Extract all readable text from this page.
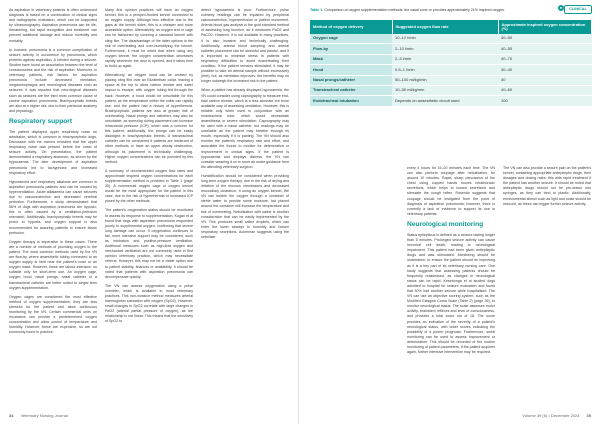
As aspiration in veterinary patients is often underused diagnosis is based on a combination of clinical signs and radiographic evaluation, which can be supported by ultrasonography. Aspiration pneumonia can be life-threatening, but rapid recognition and treatment can prevent additional damage and reduce morbidity and mortality.

In humans, pneumonia is a common complication of seizure activity, in occurrence by pneumonia, which protects against aspiration. A stricted during a seizure. Studies have found an association between the level of consciousness and the risk of aspiration. Moreover, in veterinary patients, risk factors for aspiration pneumonia include decreased mentation, megaoesophagus and neurological diseases such as seizures. It was reported that neurological diseases such as seizures are the third most common cause of canine aspiration pneumonia. Brachycephalic breeds are also at a higher risk, due to their particular anatomy and physiology.

Respiratory support

The patient displayed upper respiratory noise on admission, which is common in brachycephalic dogs. Discussion with the owners revealed that the upper respiratory noise was present before the onset of seizure activity. On presentation, the patient demonstrated a respiratory abdomen, as shown by the hypoxaemia. The later development of aspiration pneumonia led to tachypnoea and increased respiratory effort.

Hypoxaemia and respiratory alkalosis are common in aspiration pneumonia patients and can be caused by hyperventilation. Acute alkalaemia can cause seizures due to vasoconstriction and decreased cerebral perfusion. Furthermore, a study demonstrated that 56% of dogs with aspiration pneumonia are hypoxic; this is often caused by a ventilation-perfusion mismatch. Additionally, brachycephalic breeds may be prone to hypoxia, and oxygen support is also recommended for assuring patients to ensure tissue perfusion.

Oxygen therapy is imperative in these cases. There are a number of methods of providing oxygen to the patient. The most common methods used by the VN are flow-by, where anaesthetic tubing connected to an oxygen supply is held near the patient's nose or an oxygen mask. However, these are labour-intensive, so suitable only for short-term use. An oxygen cage, oxygen hood, nasal prongs, nasal catheter or a transtracheal catheter are better suited to longer-term oxygen supplementation.

Oxygen cages are considered the most effective method of oxygen supplementation; they are less stressful for the patient and allow continuous monitoring by the VN. Certain commercial units on incubators can provide a predetermined oxygen concentration and allow control of temperature and humidity. However, these are expensive, so are not commonly found in practice.

Many first opinion practices will have an oxygen kennel; this is a perspex-fronted kennel connected to an oxygen supply. Although less effective due to the gaps at the kennel sides, this is a cheaper and more accessible option. Alternatively, an oxygen tent or cage can be fashioned by covering a standard kennel with cling film. The disadvantage of the latter options is the risk of overheating and over-humidifying the kennel. Furthermore, it must be noted that when using any oxygen kennel, the oxygen concentration decreases rapidly whenever the door is opened, and it takes time to build up again.

Alternatively, an oxygen hood can be created by placing cling film over an Elizabethan collar, leaving a space at the top to allow carbon dioxide and water vapour to escape, with oxygen tubing fed through the back. However, a hood would be unsuitable for this patient, as the temperature within the collar can rapidly rise, and the patient had a history of hyperthermia. Brachycephalic patients are also at greater risk of overheating. Nasal prongs and catheters may also be unsuitable, as sneezing during placement can increase intracranial pressure (ICP), which was a concern for this patient; additionally, the prongs can be easily dislodged in brachycephalic breeds. A transtracheal catheter can be considered if patients are intolerant of other methods or have an upper airway obstruction, although its placement is technically challenging. Higher oxygen concentrations can be provided by this method.

A summary of recommended oxygen flow rates and approximate inspired oxygen concentrations for each supplementation method is provided in Table 1 (page 35). A commercial oxygen cage or oxygen kennel would be the most appropriate for the patient in this case, due to the risk of hyperthermia or increased ICP posed by the other methods.

The patient's oxygenation status should be monitored to assess its response to supplementation. Kogan et al found that dogs with aspiration pneumonia responded poorly to supplemental oxygen, confirming that severe lung damage can occur. If oxygenation continues to fail, more intensive support may be considered, such as intubation and positive-pressure ventilation. Additional measures such as high-flow oxygen and mechanical ventilation are not commonly used in first opinion veterinary practice, which may necessitate referral. However, this may not be a viable option due to patient stability, finances or availability. It should be noted that patients with aspiration pneumonia can decompensate quickly.

The VN can assess oxygenation using a pulse oximeter, which is available in most veterinary practices. This non-invasive method measures arterial haemoglobin saturation with oxygen (SpO2). However, small changes in SpO2 correlate with large changes in PaO2 (arterial partial pressure of oxygen), as the relationship is not linear. This means that the sensitivity of SpO2 to

detect hypoxaemia is poor. Furthermore, pulse oximetry readings can be impaired by peripheral vasoconstriction, hyperperfusion or patient movement. Arterial blood gas analysis is the gold standard method of assessing lung function, as it measures PaO2 and PaCO2. However, it is not available in many practices, it is also invasive and technically challenging. Additionally, arterial blood sampling and arterial catheter placement can be stressful and painful, and it is important to minimise stress in patients with respiratory difficulties to avoid exacerbating their condition. If the patient remains stimulated, it may be possible to take an arterial sample without excessively (feet), but, as mentation improves, the benefits may no longer outweigh the increased risk to the patient.

When a patient has already displayed hypoxaemia, the VN could consider using capnography to measure end-tidal carbon dioxide, which is a less accurate but more available way of assessing ventilation. However, this is reliable only when used in conjunction with an endotracheal tube, which would necessitate anaesthesia or severe stimulation. Capnography may be used with a nasal catheter, but readings may be unreliable as the patient may breathe through its mouth, especially if it is panting. The VN should also monitor the patient's respiratory rate and effort, and auscultate the thorax to monitor for deterioration or improvement in clinical signs. If the patient is hypoxaemia and displays distress, the VN can consider weaning it on to room air under guidance from the attending veterinary surgeon.

Humidification should be considered when providing long-term oxygen therapy, due to the risk of drying and irritation of the mucous membranes and decreased mucociliary clearance. If using an oxygen kennel, the VN can bubble the oxygen through a container of sterile water to provide some moisture, but placed around the container will increase the temperature and risk of overheating. Nebulisation with saline is another consideration that can be easily implemented by the VN. This produces small saline droplets, which can enter the lower airways to humidify and loosen respiratory secretions. Ackerman suggests using the nebuliser

34 Veterinary Nursing Journal
●	CLINICAL
Table 1. Comparison of oxygen supplementation methods: the nasal cone or provides approximately 21% inspired oxygen.
Method of oxygen delivery	Suggested oxygen flow rate	Approximate inspired oxygen concentration (%)
Oxygen cage	10–12 l/min	40–50
Flow-by	2–10 l/min	40–55
Mask	2–5 l/min	40–70
Hood	0.5–1 l/min	30–40
Nasal prongs/catheter	50–100 ml/kg/min	40
Transtracheal catheter	10–50 ml/kg/min	40–60
Endotracheal intubation	Depends on anaesthetic circuit used	100

every 4 hours for 15–20 minutes each time. The VN can also perform coupage after nebulisation, for around 10 minutes. Rapid, sharp percussion of the chest using cupped hands moves intrathoracic secretions, which helps to loosen secretions and stimulate the cough reflex. Rosendo suggests that coupage should be instigated from the point of diagnosis of aspiration pneumonia; however, there is currently a lack of evidence to support its use in veterinary patients.

Neurological monitoring

Status epilepticus is defined as a seizure lasting longer than 5 minutes. Prolonged seizure activity can cause neuronal cell death, leading to neurological impairment. This patient had been given antiepileptic drugs and was stimulated. Monitoring should be undertaken, to ensure the patient should be improving as it is a key part of its veterinary nursing care. One study suggests that assessing patients should be frequently reassessed, as changes in neurological status can be rapid. Kesebonga et al studied dogs admitted to hospital for seizure evaluation and found that 50% had another seizure while hospitalised. The VN can use an objective scoring system, such as the Modified Glasgow Coma Scale (Table 2) (page 36), to monitor neurological status. The scale assesses motor activity, brainstem reflexes and level of consciousness, and provides a total score out of 18. The score provides an indication of the severity of a patient's neurological status, with lower scores indicating the possibility of a poorer prognosis. Furthermore, serial monitoring can be used to assess improvement or deterioration. This should be recorded of the routine monitoring of patient parameters, if the patient acquires again, further intensive intervention may be required.

The VN can also provide a secure pain on the patient's kennel, containing appropriate antiepileptic drugs, their dosages and dosing rates; this aids rapid treatment if the patient has another seizure. It should be noted that antiepileptic drugs should not be pre-drawn into syringes, as they can bind to plastic. Additionally, environmental stimuli such as light and noise should be reduced, as these can trigger further seizure activity.

Volume 39 (6) • December 2024 35
